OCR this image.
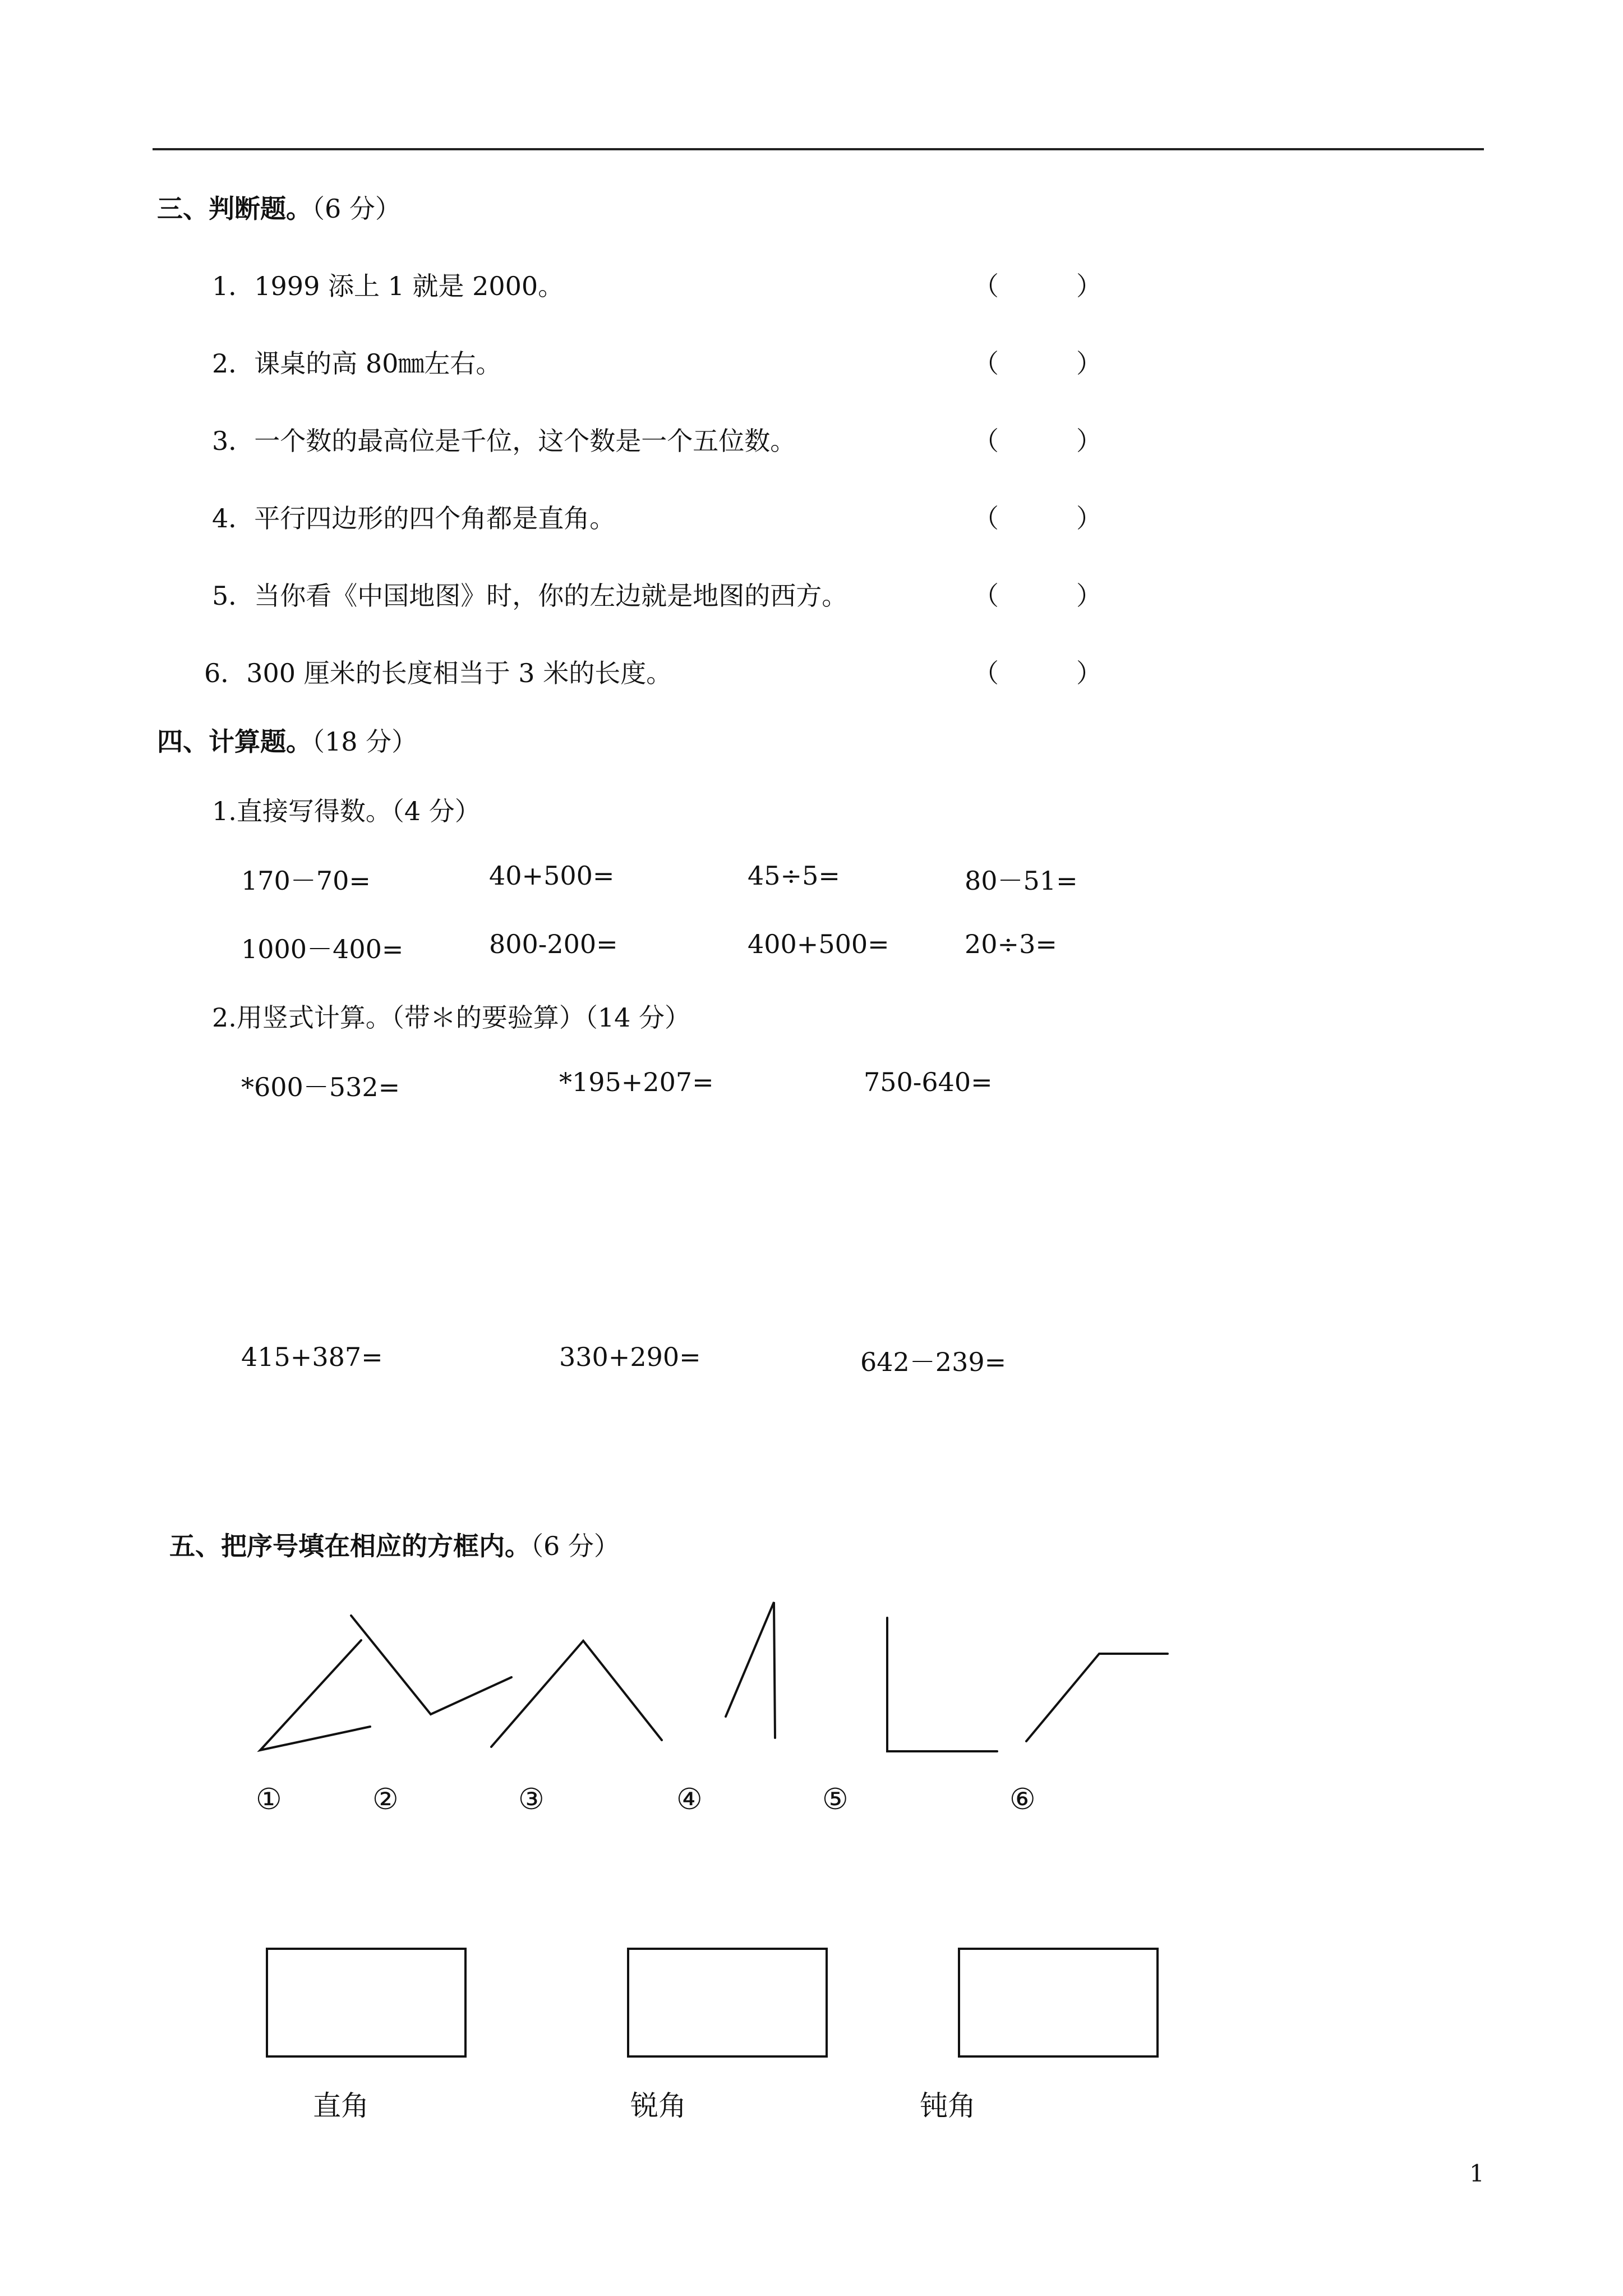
三、判断题。（6 分）
1．1999 添上 1 就是 2000。	（　　　）
2．课桌的高 80㎜左右。	（　　　）
3．一个数的最高位是千位，这个数是一个五位数。	（　　　）
4．平行四边形的四个角都是直角。	（　　　）
5．当你看《中国地图》时，你的左边就是地图的西方。	（　　　）
6．300 厘米的长度相当于 3 米的长度。	（　　　）
四、计算题。（18 分）
1.直接写得数。（4 分）
170－70=	40+500=	45÷5=	80－51=
1000－400=	800-200=	400+500=	20÷3=
2.用竖式计算。（带＊的要验算）（14 分）
*600－532=	*195+207=	750-640=
415+387=	330+290=	642－239=
五、把序号填在相应的方框内。（6 分）
①	②	③	④	⑤	⑥
直角	锐角	钝角
1
